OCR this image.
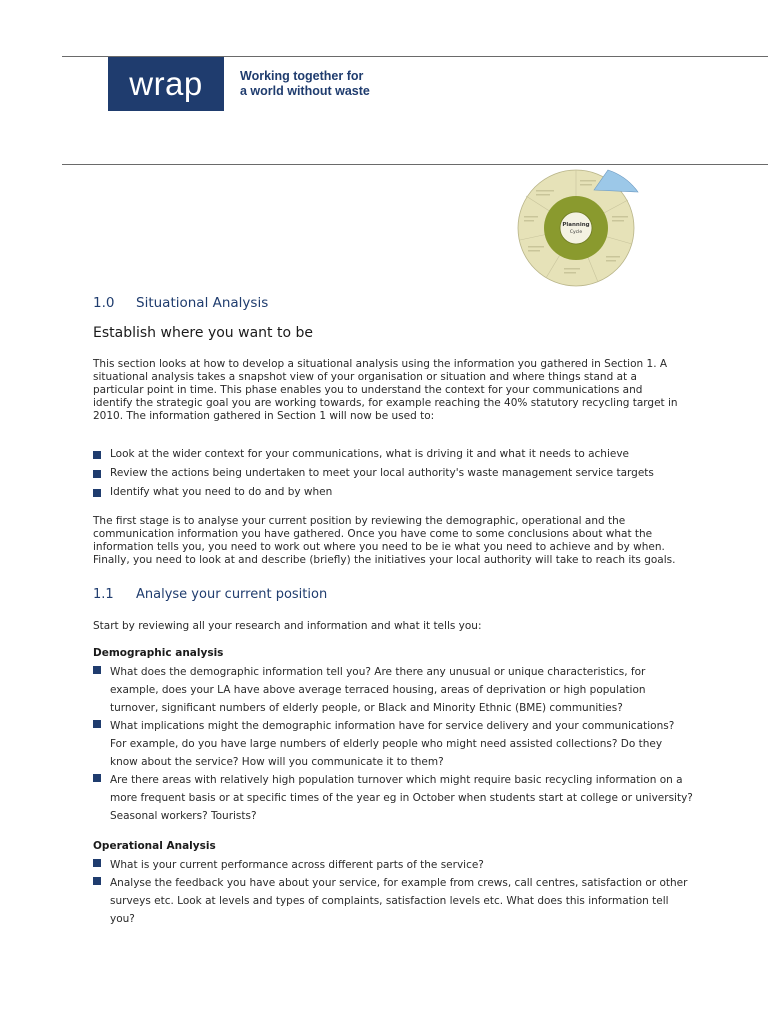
wrap	Working together for
a world without waste
Planning
Cycle
1.0 Situational Analysis
Establish where you want to be
This section looks at how to develop a situational analysis using the information you gathered in Section 1. A situational analysis takes a snapshot view of your organisation or situation and where things stand at a particular point in time. This phase enables you to understand the context for your communications and identify the strategic goal you are working towards, for example reaching the 40% statutory recycling target in 2010. The information gathered in Section 1 will now be used to:
Look at the wider context for your communications, what is driving it and what it needs to achieve
Review the actions being undertaken to meet your local authority's waste management service targets
Identify what you need to do and by when
The first stage is to analyse your current position by reviewing the demographic, operational and the communication information you have gathered. Once you have come to some conclusions about what the information tells you, you need to work out where you need to be ie what you need to achieve and by when. Finally, you need to look at and describe (briefly) the initiatives your local authority will take to reach its goals.
1.1 Analyse your current position
Start by reviewing all your research and information and what it tells you:
Demographic analysis
What does the demographic information tell you? Are there any unusual or unique characteristics, for example, does your LA have above average terraced housing, areas of deprivation or high population turnover, significant numbers of elderly people, or Black and Minority Ethnic (BME) communities?
What implications might the demographic information have for service delivery and your communications? For example, do you have large numbers of elderly people who might need assisted collections? Do they know about the service? How will you communicate it to them?
Are there areas with relatively high population turnover which might require basic recycling information on a more frequent basis or at specific times of the year eg in October when students start at college or university? Seasonal workers? Tourists?
Operational Analysis
What is your current performance across different parts of the service?
Analyse the feedback you have about your service, for example from crews, call centres, satisfaction or other surveys etc. Look at levels and types of complaints, satisfaction levels etc. What does this information tell you?
